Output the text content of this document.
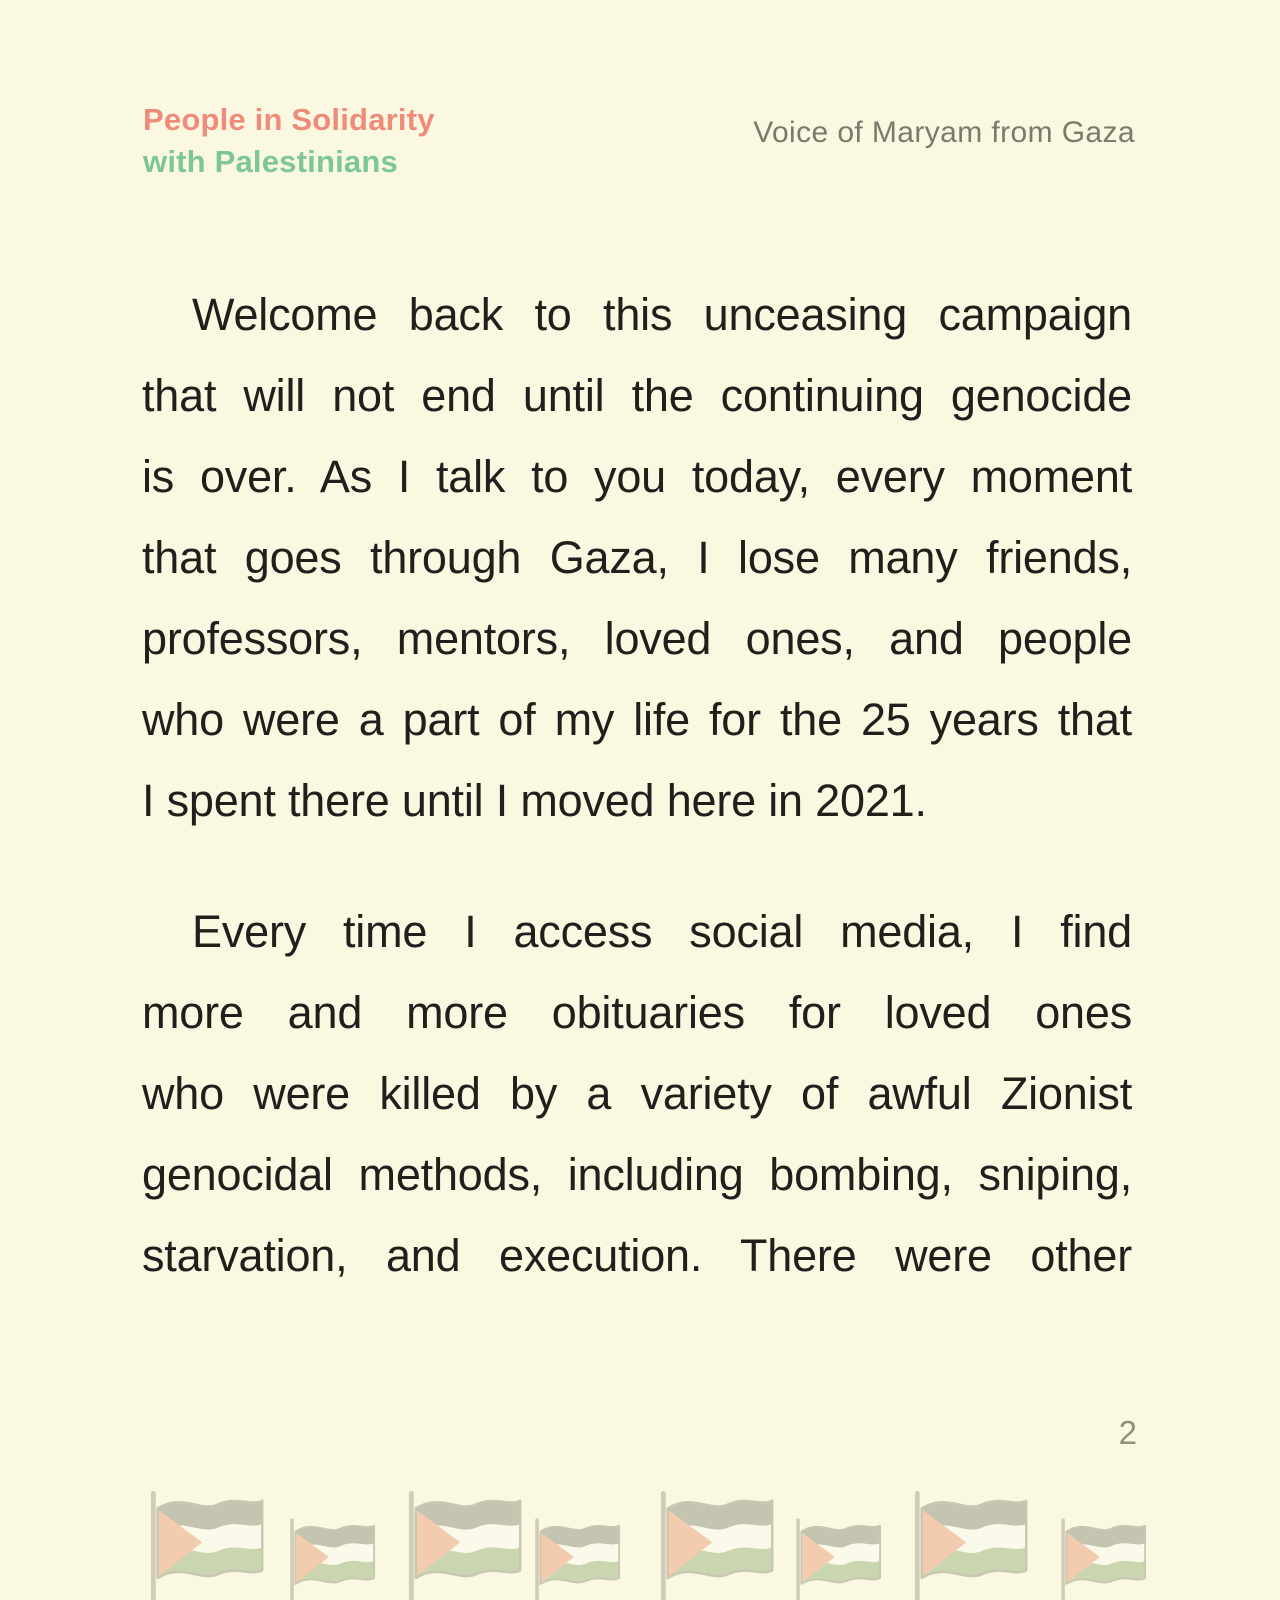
People in Solidarity
with Palestinians
Voice of Maryam from Gaza
Welcome back to this unceasing campaign
that will not end until the continuing genocide
is over. As I talk to you today, every moment
that goes through Gaza, I lose many friends,
professors, mentors, loved ones, and people
who were a part of my life for the 25 years that
I spent there until I moved here in 2021.
Every time I access social media, I find
more and more obituaries for loved ones
who were killed by a variety of awful Zionist
genocidal methods, including bombing, sniping,
starvation, and execution. There were other
2
